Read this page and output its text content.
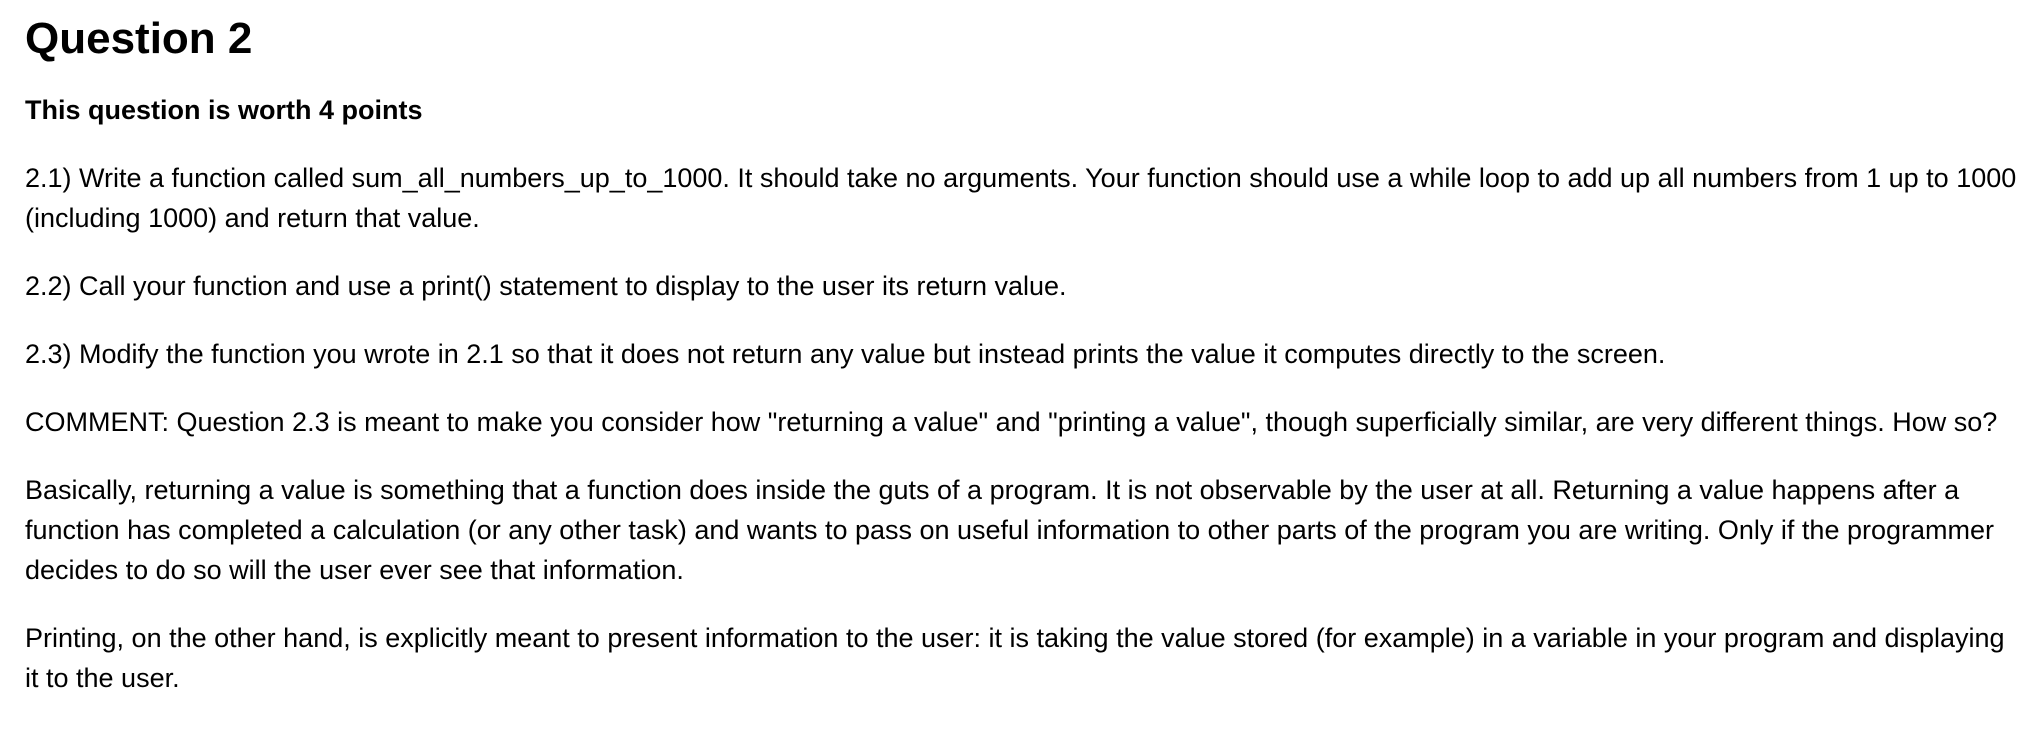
Question 2
This question is worth 4 points

2.1) Write a function called sum_all_numbers_up_to_1000. It should take no arguments. Your function should use a while loop to add up all numbers from 1 up to 1000 (including 1000) and return that value.

2.2) Call your function and use a print() statement to display to the user its return value.

2.3) Modify the function you wrote in 2.1 so that it does not return any value but instead prints the value it computes directly to the screen.

COMMENT: Question 2.3 is meant to make you consider how "returning a value" and "printing a value", though superficially similar, are very different things. How so?

Basically, returning a value is something that a function does inside the guts of a program. It is not observable by the user at all. Returning a value happens after a function has completed a calculation (or any other task) and wants to pass on useful information to other parts of the program you are writing. Only if the programmer decides to do so will the user ever see that information.

Printing, on the other hand, is explicitly meant to present information to the user: it is taking the value stored (for example) in a variable in your program and displaying it to the user.
